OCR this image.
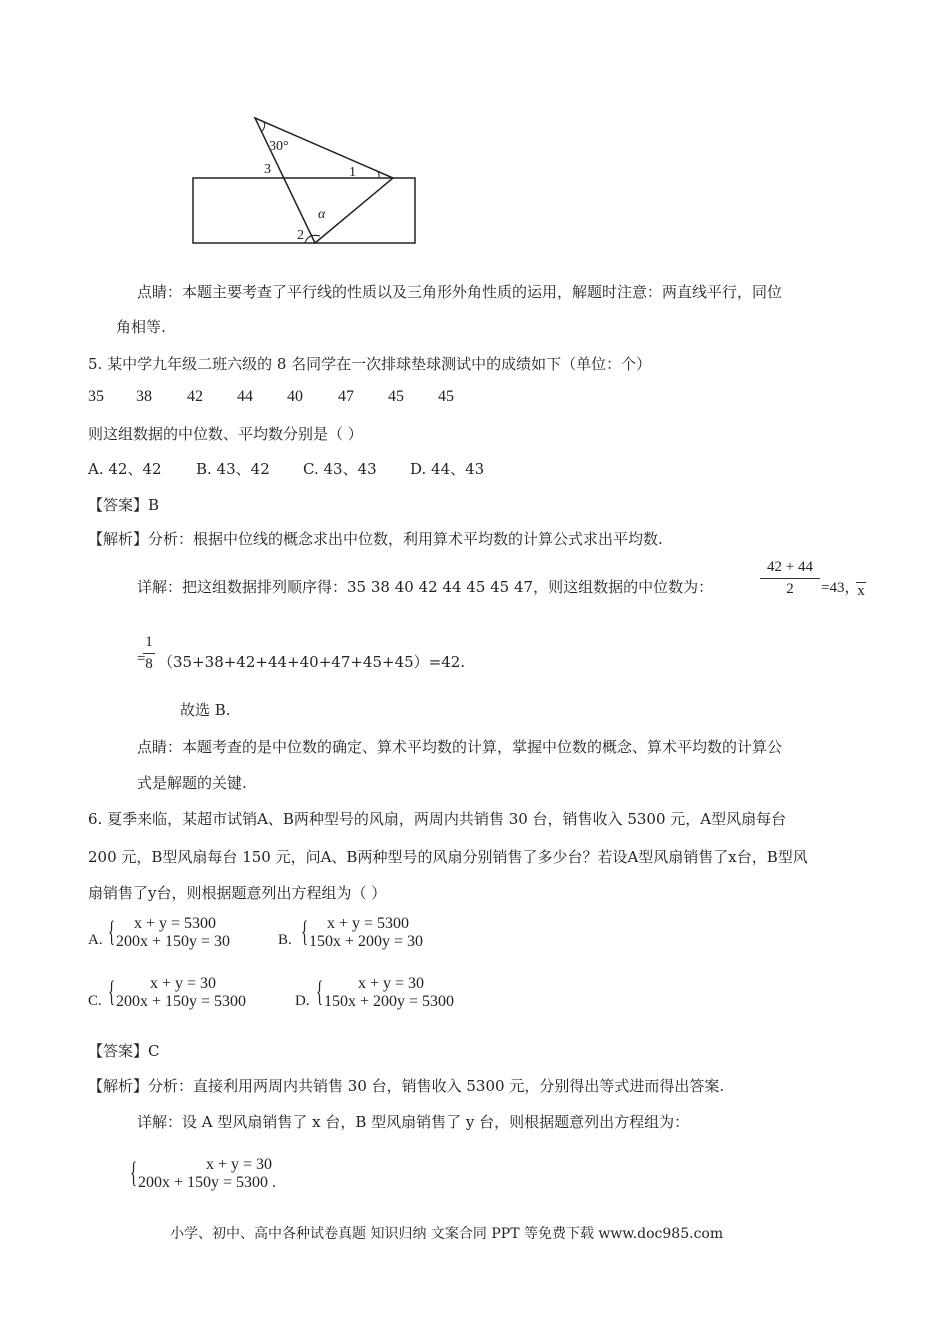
30°
3	1
α
2
点睛：本题主要考查了平行线的性质以及三角形外角性质的运用，解题时注意：两直线平行，同位
角相等.
5. 某中学九年级二班六级的 8 名同学在一次排球垫球测试中的成绩如下（单位：个）
35 38 42 44 40 47 45 45
则这组数据的中位数、平均数分别是（ ）
A. 42、42 B. 43、42 C. 43、43 D. 44、43
【答案】B
【解析】分析：根据中位线的概念求出中位数，利用算术平均数的计算公式求出平均数.
详解：把这组数据排列顺序得：35 38 40 42 44 45 45 47，则这组数据的中位数为：
42 + 44
2	=43，
x
=
1
8 （35+38+42+44+40+47+45+45）=42.
故选 B.
点睛：本题考查的是中位数的确定、算术平均数的计算，掌握中位数的概念、算术平均数的计算公
式是解题的关键.
6. 夏季来临，某超市试销A、B两种型号的风扇，两周内共销售 30 台，销售收入 5300 元，A型风扇每台
200 元，B型风扇每台 150 元，问A、B两种型号的风扇分别销售了多少台？若设A型风扇销售了x台，B型风
扇销售了y台，则根据题意列出方程组为（ ）
A. { x + y = 5300
200x + 150y = 30	B. { x + y = 5300
150x + 200y = 30
C. { x + y = 30
200x + 150y = 5300	D. { x + y = 30
150x + 200y = 5300
【答案】C
【解析】分析：直接利用两周内共销售 30 台，销售收入 5300 元，分别得出等式进而得出答案.
详解：设 A 型风扇销售了 x 台，B 型风扇销售了 y 台，则根据题意列出方程组为：
{	x + y = 30
200x + 150y = 5300 .
小学、初中、高中各种试卷真题 知识归纳 文案合同 PPT 等免费下载 www.doc985.com
